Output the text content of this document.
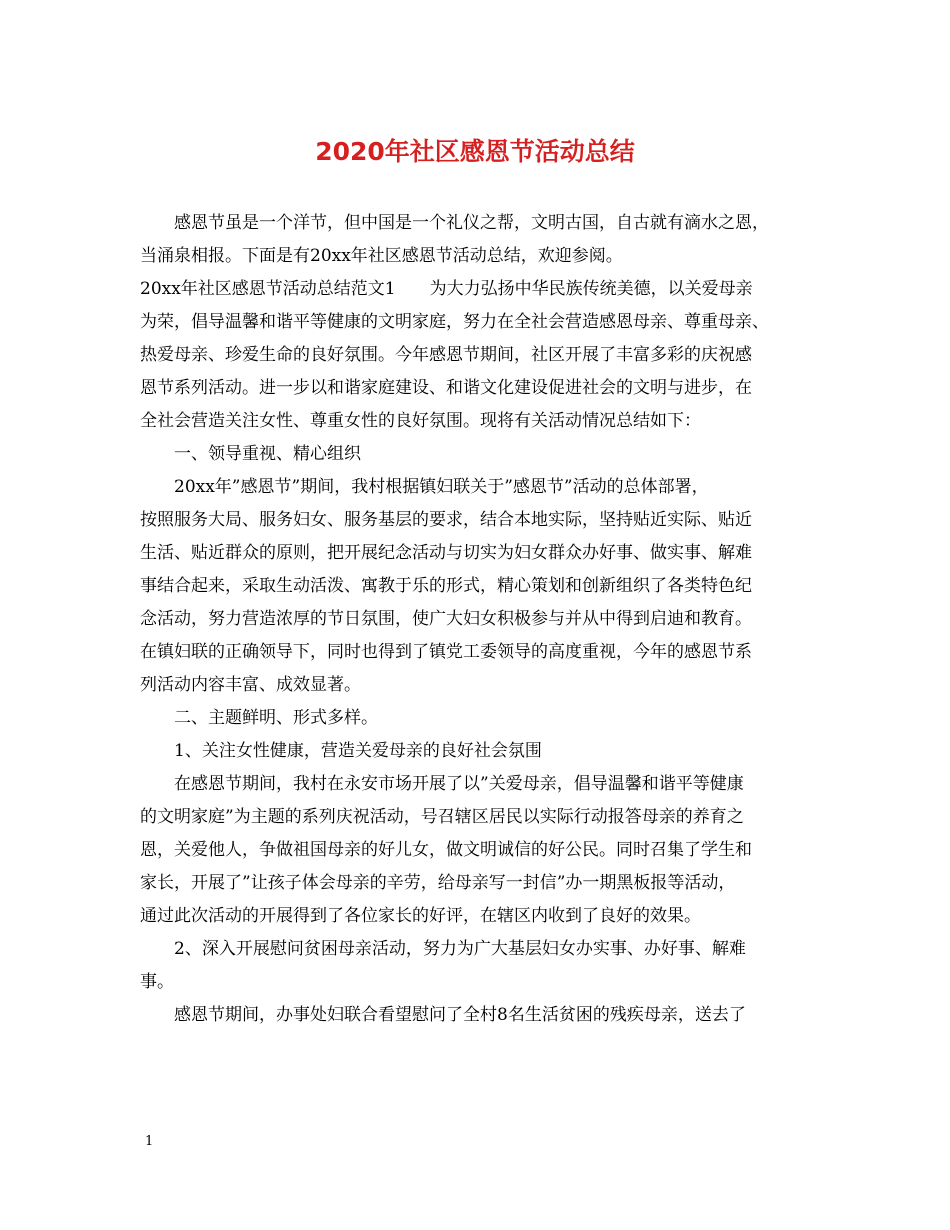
2020年社区感恩节活动总结
　　感恩节虽是一个洋节，但中国是一个礼仪之帮，文明古国，自古就有滴水之恩，
当涌泉相报。下面是有20xx年社区感恩节活动总结，欢迎参阅。
20xx年社区感恩节活动总结范文1　　为大力弘扬中华民族传统美德，以关爱母亲
为荣，倡导温馨和谐平等健康的文明家庭，努力在全社会营造感恩母亲、尊重母亲、
热爱母亲、珍爱生命的良好氛围。今年感恩节期间，社区开展了丰富多彩的庆祝感
恩节系列活动。进一步以和谐家庭建设、和谐文化建设促进社会的文明与进步，在
全社会营造关注女性、尊重女性的良好氛围。现将有关活动情况总结如下：
　　一、领导重视、精心组织
　　20xx年”感恩节”期间，我村根据镇妇联关于”感恩节”活动的总体部署，
按照服务大局、服务妇女、服务基层的要求，结合本地实际，坚持贴近实际、贴近
生活、贴近群众的原则，把开展纪念活动与切实为妇女群众办好事、做实事、解难
事结合起来，采取生动活泼、寓教于乐的形式，精心策划和创新组织了各类特色纪
念活动，努力营造浓厚的节日氛围，使广大妇女积极参与并从中得到启迪和教育。
在镇妇联的正确领导下，同时也得到了镇党工委领导的高度重视，今年的感恩节系
列活动内容丰富、成效显著。
　　二、主题鲜明、形式多样。
　　1、关注女性健康，营造关爱母亲的良好社会氛围
　　在感恩节期间，我村在永安市场开展了以”关爱母亲，倡导温馨和谐平等健康
的文明家庭”为主题的系列庆祝活动，号召辖区居民以实际行动报答母亲的养育之
恩，关爱他人，争做祖国母亲的好儿女，做文明诚信的好公民。同时召集了学生和
家长，开展了”让孩子体会母亲的辛劳，给母亲写一封信”办一期黑板报等活动，
通过此次活动的开展得到了各位家长的好评，在辖区内收到了良好的效果。
　　2、深入开展慰问贫困母亲活动，努力为广大基层妇女办实事、办好事、解难
事。
　　感恩节期间，办事处妇联合看望慰问了全村8名生活贫困的残疾母亲，送去了
1
